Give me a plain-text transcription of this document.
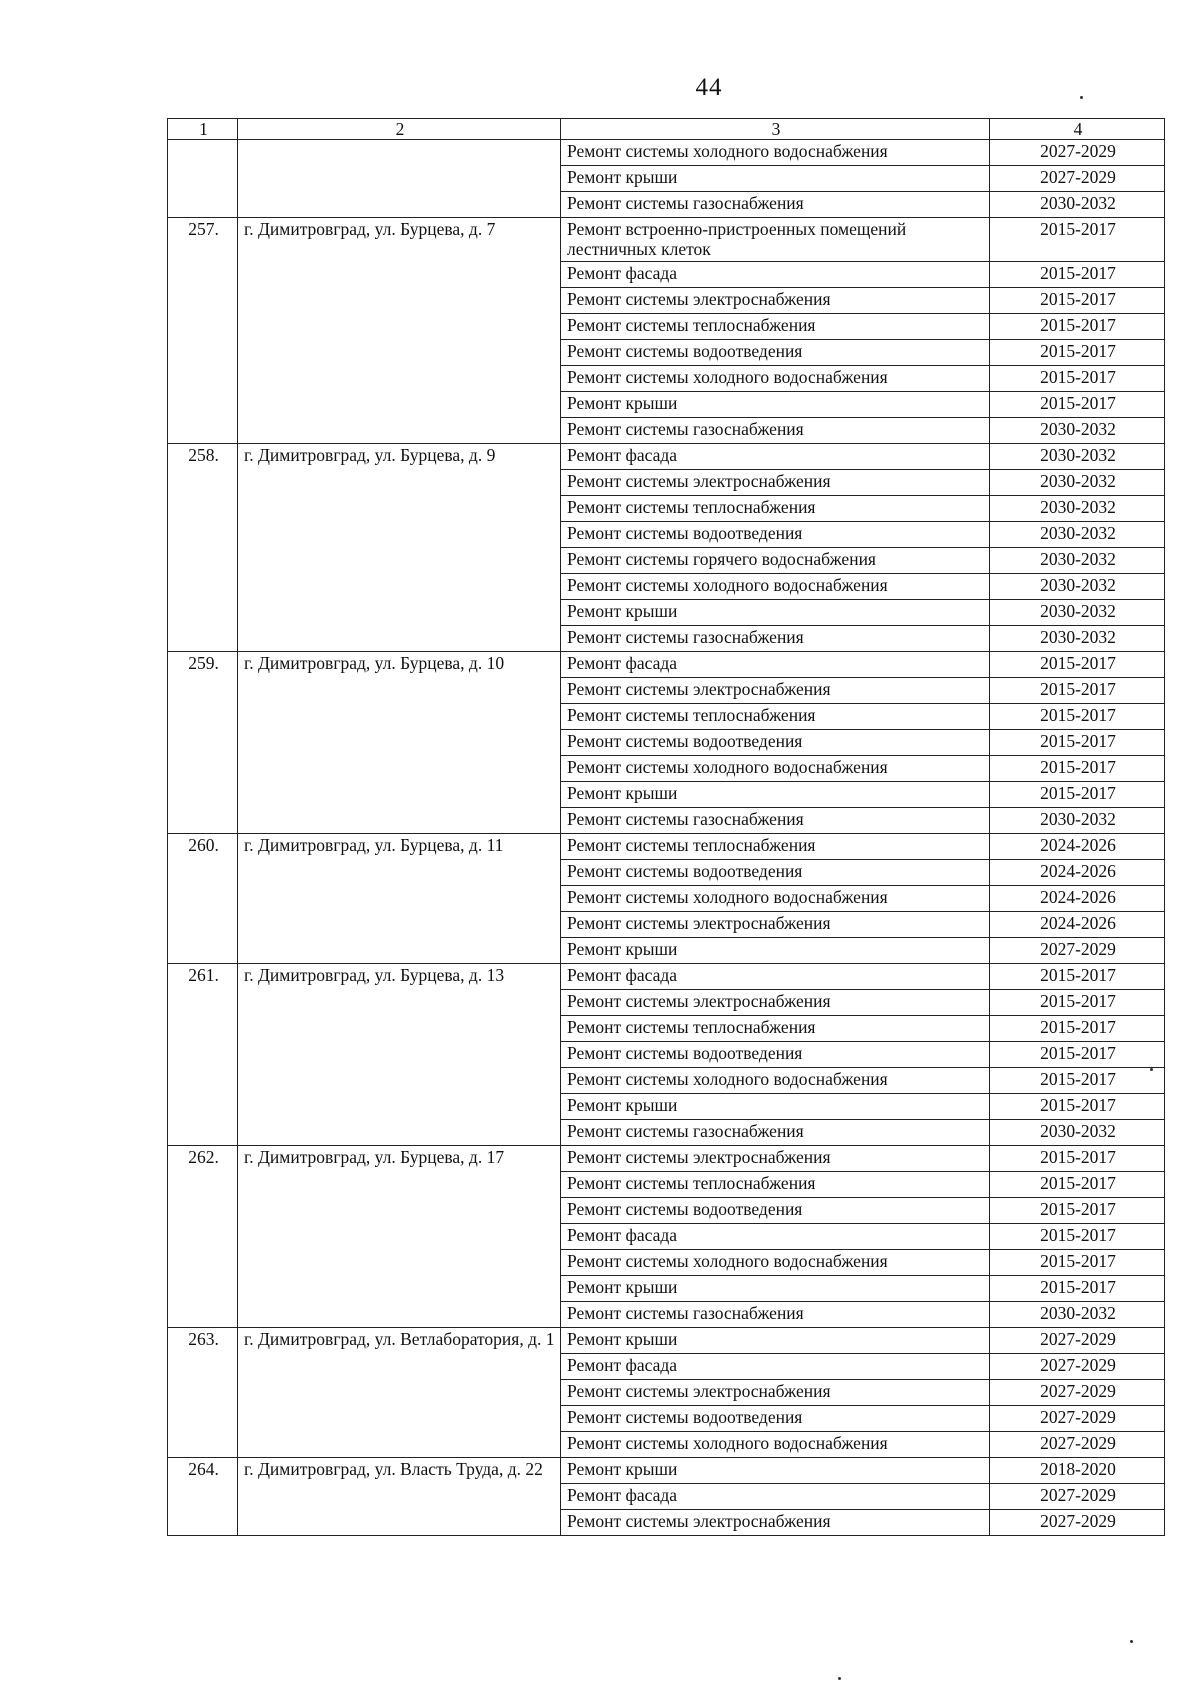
44
1	2	3	4
		Ремонт системы холодного водоснабжения	2027-2029
		Ремонт крыши	2027-2029
		Ремонт системы газоснабжения	2030-2032
257.	г. Димитровград, ул. Бурцева, д. 7	Ремонт встроенно-пристроенных помещений лестничных клеток	2015-2017
		Ремонт фасада	2015-2017
		Ремонт системы электроснабжения	2015-2017
		Ремонт системы теплоснабжения	2015-2017
		Ремонт системы водоотведения	2015-2017
		Ремонт системы холодного водоснабжения	2015-2017
		Ремонт крыши	2015-2017
		Ремонт системы газоснабжения	2030-2032
258.	г. Димитровград, ул. Бурцева, д. 9	Ремонт фасада	2030-2032
		Ремонт системы электроснабжения	2030-2032
		Ремонт системы теплоснабжения	2030-2032
		Ремонт системы водоотведения	2030-2032
		Ремонт системы горячего водоснабжения	2030-2032
		Ремонт системы холодного водоснабжения	2030-2032
		Ремонт крыши	2030-2032
		Ремонт системы газоснабжения	2030-2032
259.	г. Димитровград, ул. Бурцева, д. 10	Ремонт фасада	2015-2017
		Ремонт системы электроснабжения	2015-2017
		Ремонт системы теплоснабжения	2015-2017
		Ремонт системы водоотведения	2015-2017
		Ремонт системы холодного водоснабжения	2015-2017
		Ремонт крыши	2015-2017
		Ремонт системы газоснабжения	2030-2032
260.	г. Димитровград, ул. Бурцева, д. 11	Ремонт системы теплоснабжения	2024-2026
		Ремонт системы водоотведения	2024-2026
		Ремонт системы холодного водоснабжения	2024-2026
		Ремонт системы электроснабжения	2024-2026
		Ремонт крыши	2027-2029
261.	г. Димитровград, ул. Бурцева, д. 13	Ремонт фасада	2015-2017
		Ремонт системы электроснабжения	2015-2017
		Ремонт системы теплоснабжения	2015-2017
		Ремонт системы водоотведения	2015-2017
		Ремонт системы холодного водоснабжения	2015-2017
		Ремонт крыши	2015-2017
		Ремонт системы газоснабжения	2030-2032
262.	г. Димитровград, ул. Бурцева, д. 17	Ремонт системы электроснабжения	2015-2017
		Ремонт системы теплоснабжения	2015-2017
		Ремонт системы водоотведения	2015-2017
		Ремонт фасада	2015-2017
		Ремонт системы холодного водоснабжения	2015-2017
		Ремонт крыши	2015-2017
		Ремонт системы газоснабжения	2030-2032
263.	г. Димитровград, ул. Ветлаборатория, д. 1	Ремонт крыши	2027-2029
		Ремонт фасада	2027-2029
		Ремонт системы электроснабжения	2027-2029
		Ремонт системы водоотведения	2027-2029
		Ремонт системы холодного водоснабжения	2027-2029
264.	г. Димитровград, ул. Власть Труда, д. 22	Ремонт крыши	2018-2020
		Ремонт фасада	2027-2029
		Ремонт системы электроснабжения	2027-2029
